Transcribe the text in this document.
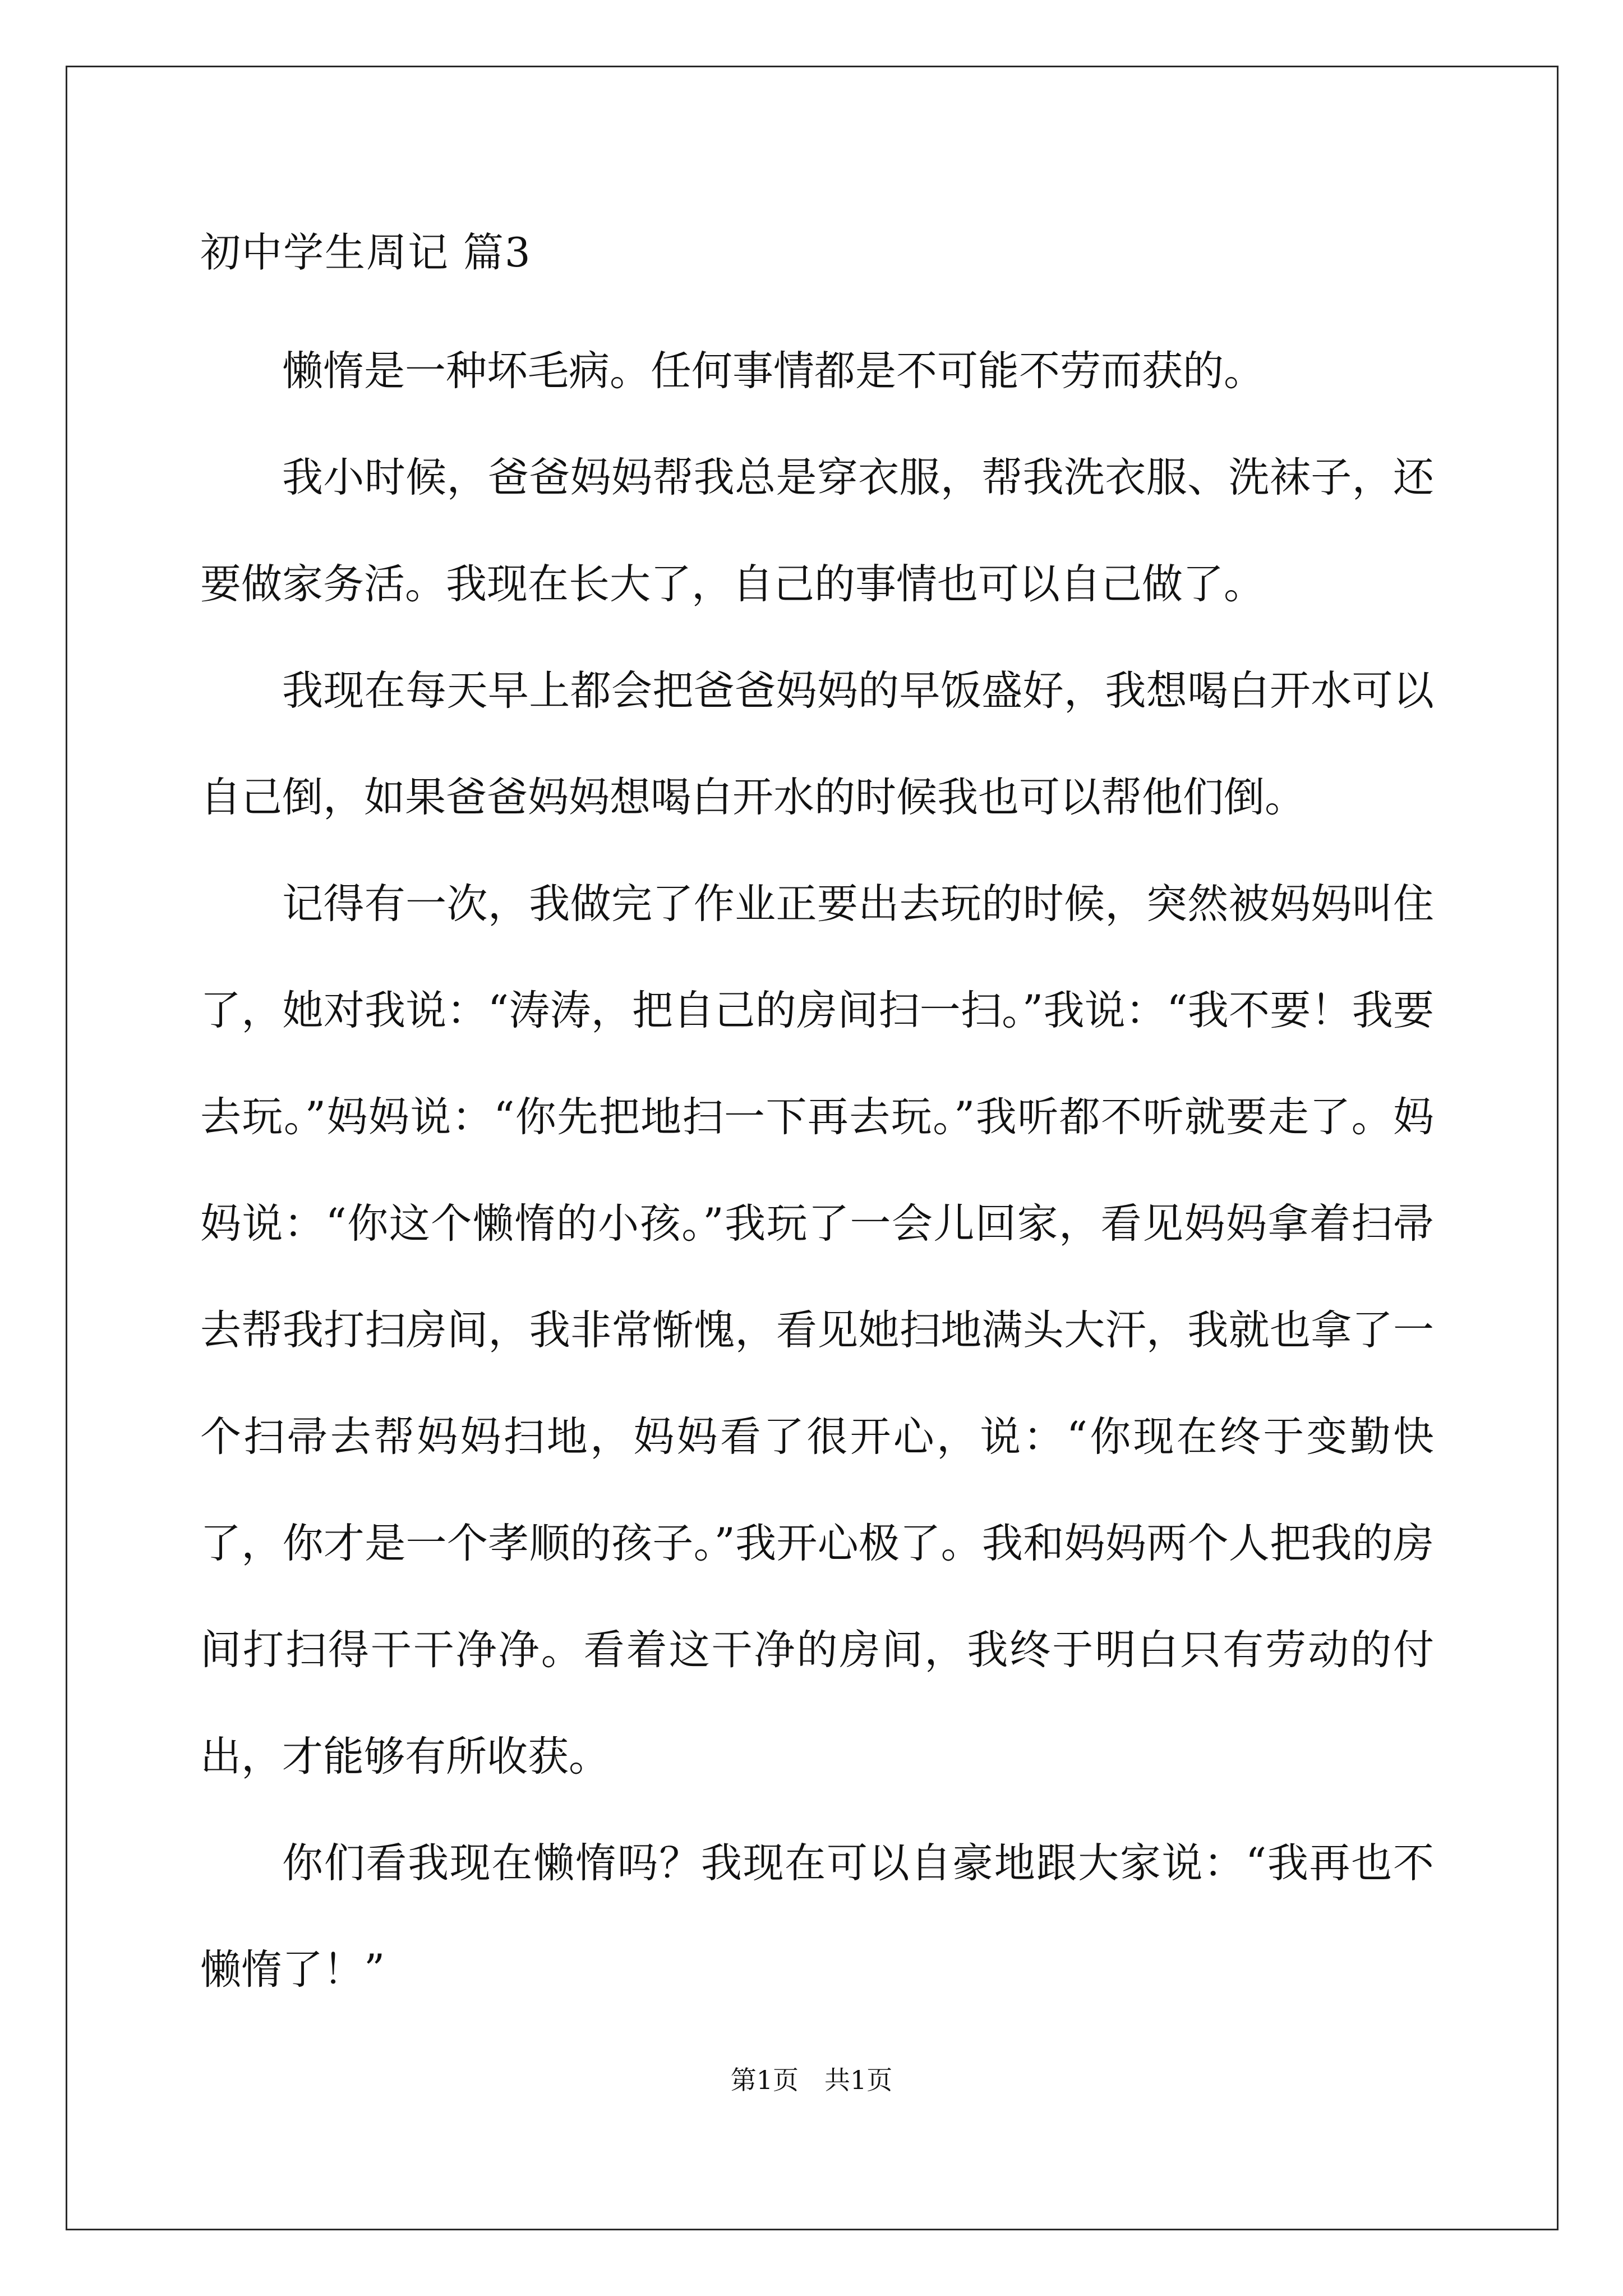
初中学生周记 篇3

懒惰是一种坏毛病。任何事情都是不可能不劳而获的。

我小时候，爸爸妈妈帮我总是穿衣服，帮我洗衣服、洗袜子，还要做家务活。我现在长大了，自己的事情也可以自己做了。

我现在每天早上都会把爸爸妈妈的早饭盛好，我想喝白开水可以自己倒，如果爸爸妈妈想喝白开水的时候我也可以帮他们倒。

记得有一次，我做完了作业正要出去玩的时候，突然被妈妈叫住了，她对我说：“涛涛，把自己的房间扫一扫。”我说：“我不要！我要去玩。”妈妈说：“你先把地扫一下再去玩。”我听都不听就要走了。妈妈说：“你这个懒惰的小孩。”我玩了一会儿回家，看见妈妈拿着扫帚去帮我打扫房间，我非常惭愧，看见她扫地满头大汗，我就也拿了一个扫帚去帮妈妈扫地，妈妈看了很开心，说：“你现在终于变勤快了，你才是一个孝顺的孩子。”我开心极了。我和妈妈两个人把我的房间打扫得干干净净。看着这干净的房间，我终于明白只有劳动的付出，才能够有所收获。

你们看我现在懒惰吗？我现在可以自豪地跟大家说：“我再也不懒惰了！”

第1页　共1页
